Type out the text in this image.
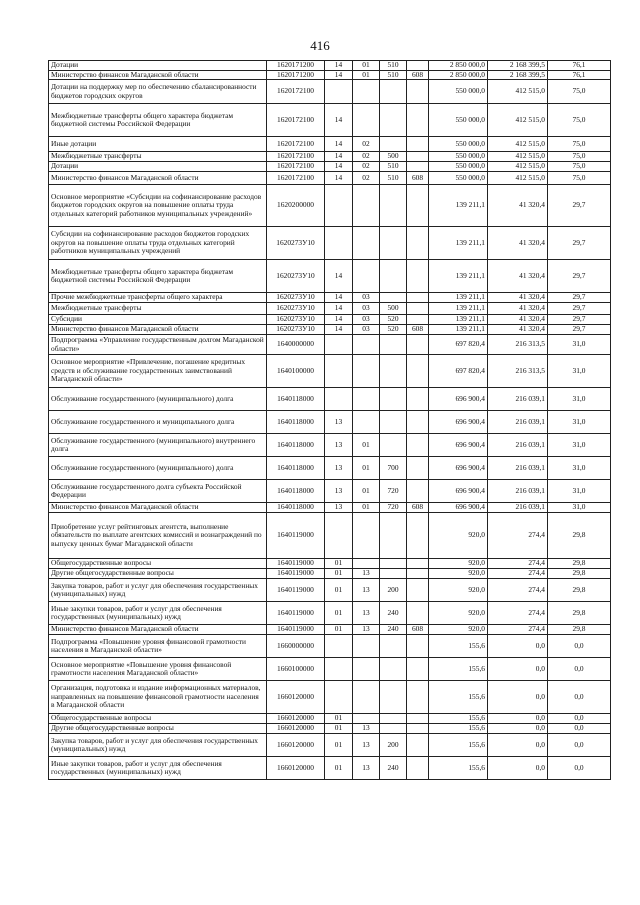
416
Дотации	1620171200	14	01	510		2 850 000,0	2 168 399,5	76,1
Министерство финансов Магаданской области	1620171200	14	01	510	608	2 850 000,0	2 168 399,5	76,1
Дотации на поддержку мер по обеспечению сбалансированности бюджетов городских округов	1620172100					550 000,0	412 515,0	75,0
Межбюджетные трансферты общего характера бюджетам бюджетной системы Российской Федерации	1620172100	14				550 000,0	412 515,0	75,0
Иные дотации	1620172100	14	02			550 000,0	412 515,0	75,0
Межбюджетные трансферты	1620172100	14	02	500		550 000,0	412 515,0	75,0
Дотации	1620172100	14	02	510		550 000,0	412 515,0	75,0
Министерство финансов Магаданской области	1620172100	14	02	510	608	550 000,0	412 515,0	75,0
Основное мероприятие «Субсидии на софинансирование расходов бюджетов городских округов на повышение оплаты труда отдельных категорий работников муниципальных учреждений»	1620200000					139 211,1	41 320,4	29,7
Субсидии на софинансирование расходов бюджетов городских округов на повышение оплаты труда отдельных категорий работников муниципальных учреждений	1620273У10					139 211,1	41 320,4	29,7
Межбюджетные трансферты общего характера бюджетам бюджетной системы Российской Федерации	1620273У10	14				139 211,1	41 320,4	29,7
Прочие межбюджетные трансферты общего характера	1620273У10	14	03			139 211,1	41 320,4	29,7
Межбюджетные трансферты	1620273У10	14	03	500		139 211,1	41 320,4	29,7
Субсидии	1620273У10	14	03	520		139 211,1	41 320,4	29,7
Министерство финансов Магаданской области	1620273У10	14	03	520	608	139 211,1	41 320,4	29,7
Подпрограмма «Управление государственным долгом Магаданской области»	1640000000					697 820,4	216 313,5	31,0
Основное мероприятие «Привлечение, погашение кредитных средств и обслуживание государственных заимствований Магаданской области»	1640100000					697 820,4	216 313,5	31,0
Обслуживание государственного (муниципального) долга	1640118000					696 900,4	216 039,1	31,0
Обслуживание государственного и муниципального долга	1640118000	13				696 900,4	216 039,1	31,0
Обслуживание государственного (муниципального) внутреннего долга	1640118000	13	01			696 900,4	216 039,1	31,0
Обслуживание государственного (муниципального) долга	1640118000	13	01	700		696 900,4	216 039,1	31,0
Обслуживание государственного долга субъекта Российской Федерации	1640118000	13	01	720		696 900,4	216 039,1	31,0
Министерство финансов Магаданской области	1640118000	13	01	720	608	696 900,4	216 039,1	31,0
Приобретение услуг рейтинговых агентств, выполнение обязательств по выплате агентских комиссий и вознаграждений по выпуску ценных бумаг Магаданской области	1640119000					920,0	274,4	29,8
Общегосударственные вопросы	1640119000	01				920,0	274,4	29,8
Другие общегосударственные вопросы	1640119000	01	13			920,0	274,4	29,8
Закупка товаров, работ и услуг для обеспечения государственных (муниципальных) нужд	1640119000	01	13	200		920,0	274,4	29,8
Иные закупки товаров, работ и услуг для обеспечения государственных (муниципальных) нужд	1640119000	01	13	240		920,0	274,4	29,8
Министерство финансов Магаданской области	1640119000	01	13	240	608	920,0	274,4	29,8
Подпрограмма «Повышение уровня финансовой грамотности населения в Магаданской области»	1660000000					155,6	0,0	0,0
Основное мероприятие «Повышение уровня финансовой грамотности населения Магаданской области»	1660100000					155,6	0,0	0,0
Организация, подготовка и издание информационных материалов, направленных на повышение финансовой грамотности населения в Магаданской области	1660120000					155,6	0,0	0,0
Общегосударственные вопросы	1660120000	01				155,6	0,0	0,0
Другие общегосударственные вопросы	1660120000	01	13			155,6	0,0	0,0
Закупка товаров, работ и услуг для обеспечения государственных (муниципальных) нужд	1660120000	01	13	200		155,6	0,0	0,0
Иные закупки товаров, работ и услуг для обеспечения государственных (муниципальных) нужд	1660120000	01	13	240		155,6	0,0	0,0
